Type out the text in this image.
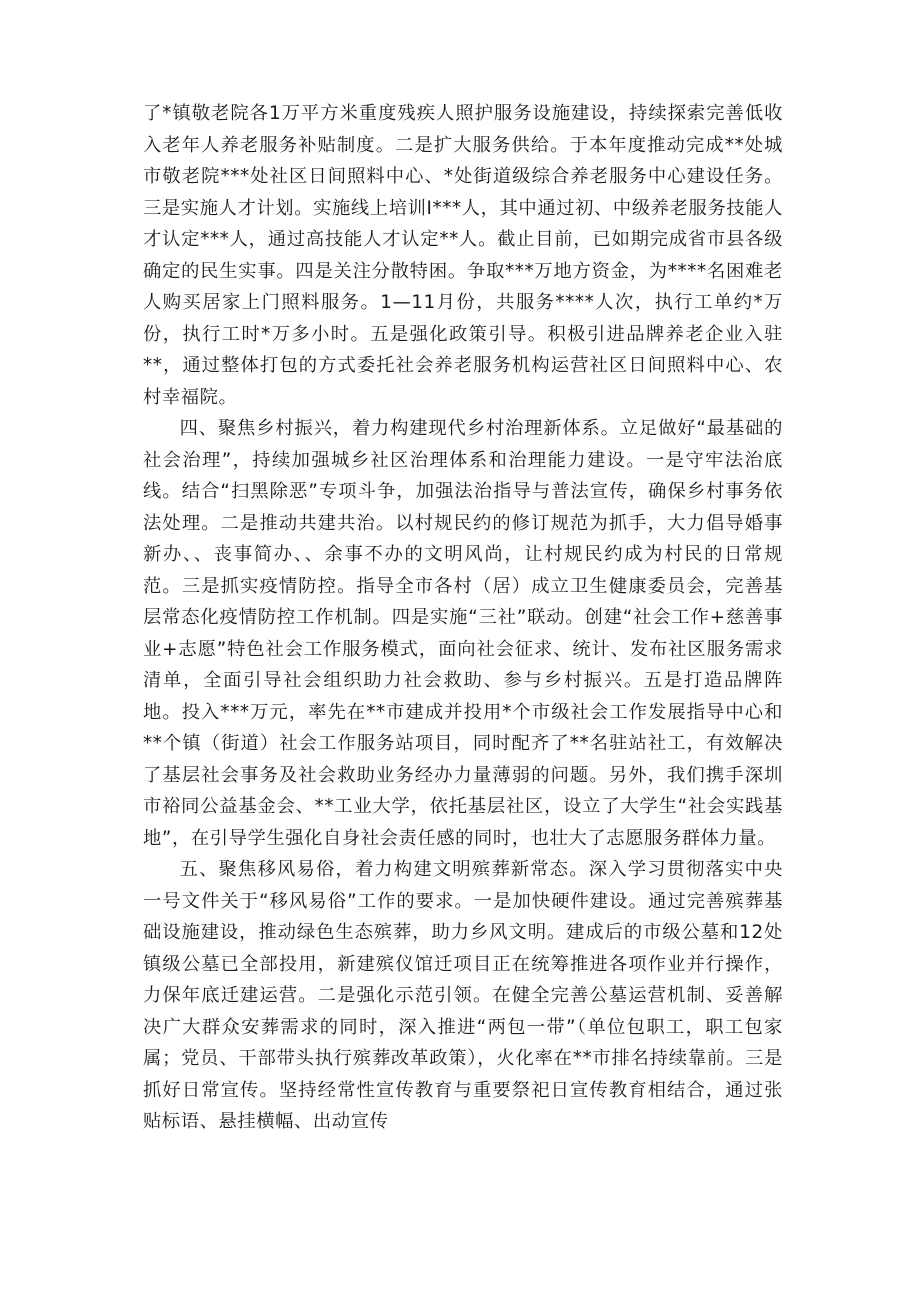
了*镇敬老院各1万平方米重度残疾人照护服务设施建设，持续探索完善低收入老年人养老服务补贴制度。二是扩大服务供给。于本年度推动完成**处城市敬老院***处社区日间照料中心、*处街道级综合养老服务中心建设任务。三是实施人才计划。实施线上培训I***人，其中通过初、中级养老服务技能人才认定***人，通过高技能人才认定**人。截止目前，已如期完成省市县各级确定的民生实事。四是关注分散特困。争取***万地方资金，为****名困难老人购买居家上门照料服务。1—11月份，共服务****人次，执行工单约*万份，执行工时*万多小时。五是强化政策引导。积极引进品牌养老企业入驻**，通过整体打包的方式委托社会养老服务机构运营社区日间照料中心、农村幸福院。

四、聚焦乡村振兴，着力构建现代乡村治理新体系。立足做好“最基础的社会治理”，持续加强城乡社区治理体系和治理能力建设。一是守牢法治底线。结合“扫黑除恶”专项斗争，加强法治指导与普法宣传，确保乡村事务依法处理。二是推动共建共治。以村规民约的修订规范为抓手，大力倡导婚事新办、、丧事简办、、余事不办的文明风尚，让村规民约成为村民的日常规范。三是抓实疫情防控。指导全市各村（居）成立卫生健康委员会，完善基层常态化疫情防控工作机制。四是实施“三社”联动。创建“社会工作+慈善事业+志愿”特色社会工作服务模式，面向社会征求、统计、发布社区服务需求清单，全面引导社会组织助力社会救助、参与乡村振兴。五是打造品牌阵地。投入***万元，率先在**市建成并投用*个市级社会工作发展指导中心和**个镇（街道）社会工作服务站项目，同时配齐了**名驻站社工，有效解决了基层社会事务及社会救助业务经办力量薄弱的问题。另外，我们携手深圳市裕同公益基金会、**工业大学，依托基层社区，设立了大学生“社会实践基地”，在引导学生强化自身社会责任感的同时，也壮大了志愿服务群体力量。

五、聚焦移风易俗，着力构建文明殡葬新常态。深入学习贯彻落实中央一号文件关于“移风易俗”工作的要求。一是加快硬件建设。通过完善殡葬基础设施建设，推动绿色生态殡葬，助力乡风文明。建成后的市级公墓和12处镇级公墓已全部投用，新建殡仪馆迁项目正在统筹推进各项作业并行操作，力保年底迁建运营。二是强化示范引领。在健全完善公墓运营机制、妥善解决广大群众安葬需求的同时，深入推进“两包一带”（单位包职工，职工包家属；党员、干部带头执行殡葬改革政策），火化率在**市排名持续靠前。三是抓好日常宣传。坚持经常性宣传教育与重要祭祀日宣传教育相结合，通过张贴标语、悬挂横幅、出动宣传
